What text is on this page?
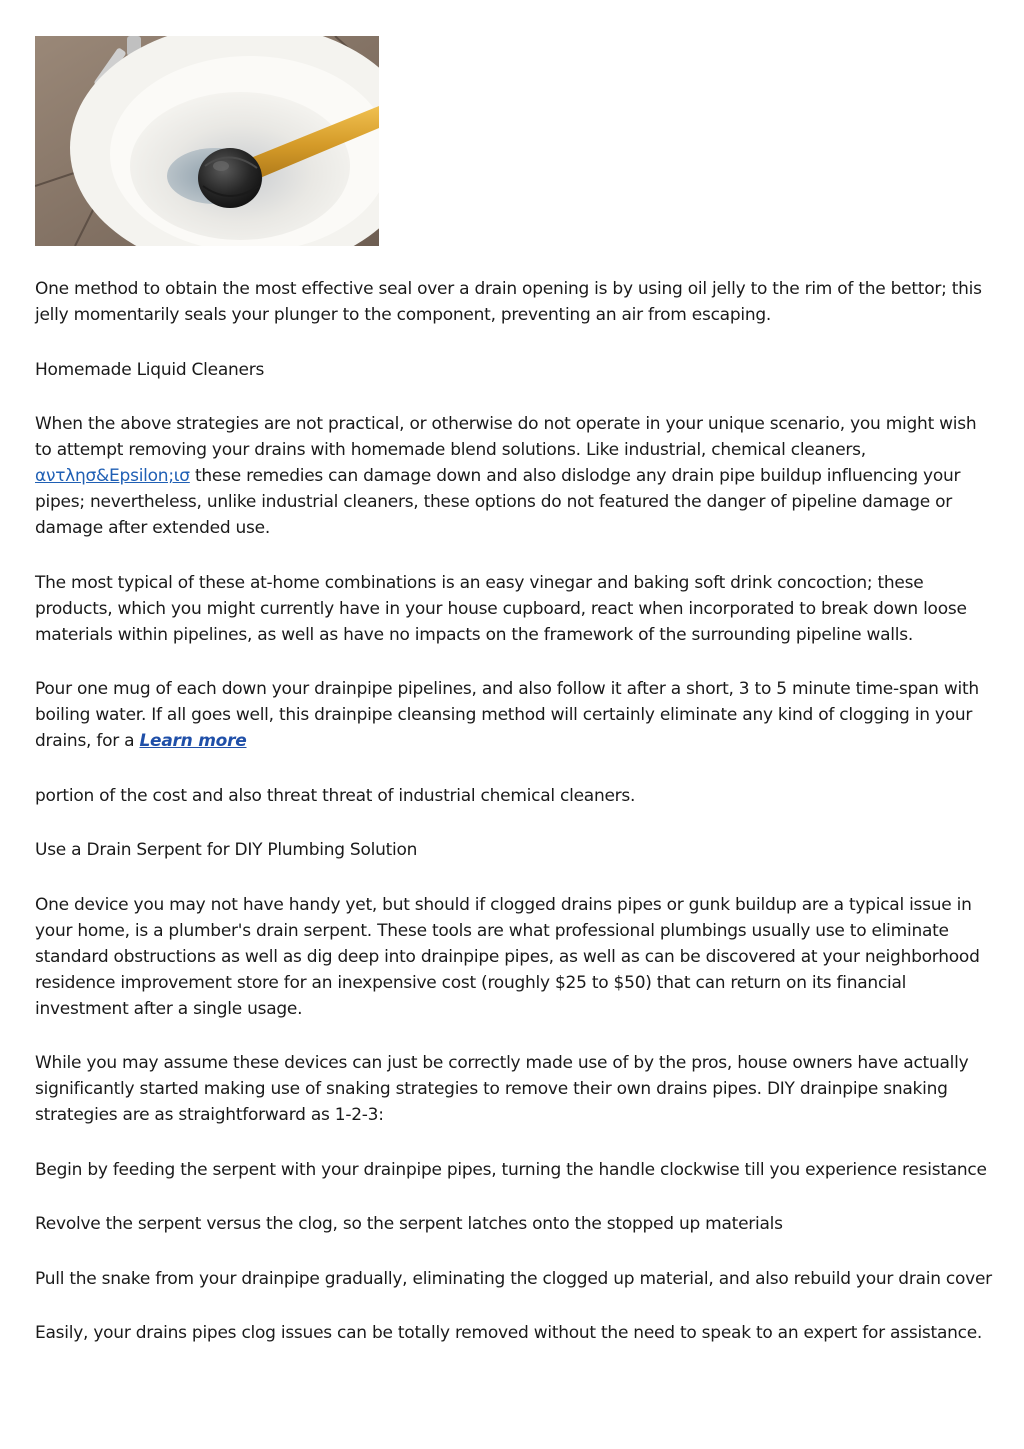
One method to obtain the most effective seal over a drain opening is by using oil jelly to the rim of the bettor; this jelly momentarily seals your plunger to the component, preventing an air from escaping.

Homemade Liquid Cleaners

When the above strategies are not practical, or otherwise do not operate in your unique scenario, you might wish to attempt removing your drains with homemade blend solutions. Like industrial, chemical cleaners, αντλησ&Epsilon;ισ these remedies can damage down and also dislodge any drain pipe buildup influencing your pipes; nevertheless, unlike industrial cleaners, these options do not featured the danger of pipeline damage or damage after extended use.

The most typical of these at-home combinations is an easy vinegar and baking soft drink concoction; these products, which you might currently have in your house cupboard, react when incorporated to break down loose materials within pipelines, as well as have no impacts on the framework of the surrounding pipeline walls.

Pour one mug of each down your drainpipe pipelines, and also follow it after a short, 3 to 5 minute time-span with boiling water. If all goes well, this drainpipe cleansing method will certainly eliminate any kind of clogging in your drains, for a Learn more

portion of the cost and also threat threat of industrial chemical cleaners.

Use a Drain Serpent for DIY Plumbing Solution

One device you may not have handy yet, but should if clogged drains pipes or gunk buildup are a typical issue in your home, is a plumber's drain serpent. These tools are what professional plumbings usually use to eliminate standard obstructions as well as dig deep into drainpipe pipes, as well as can be discovered at your neighborhood residence improvement store for an inexpensive cost (roughly $25 to $50) that can return on its financial investment after a single usage.

While you may assume these devices can just be correctly made use of by the pros, house owners have actually significantly started making use of snaking strategies to remove their own drains pipes. DIY drainpipe snaking strategies are as straightforward as 1-2-3:

Begin by feeding the serpent with your drainpipe pipes, turning the handle clockwise till you experience resistance

Revolve the serpent versus the clog, so the serpent latches onto the stopped up materials

Pull the snake from your drainpipe gradually, eliminating the clogged up material, and also rebuild your drain cover

Easily, your drains pipes clog issues can be totally removed without the need to speak to an expert for assistance.
